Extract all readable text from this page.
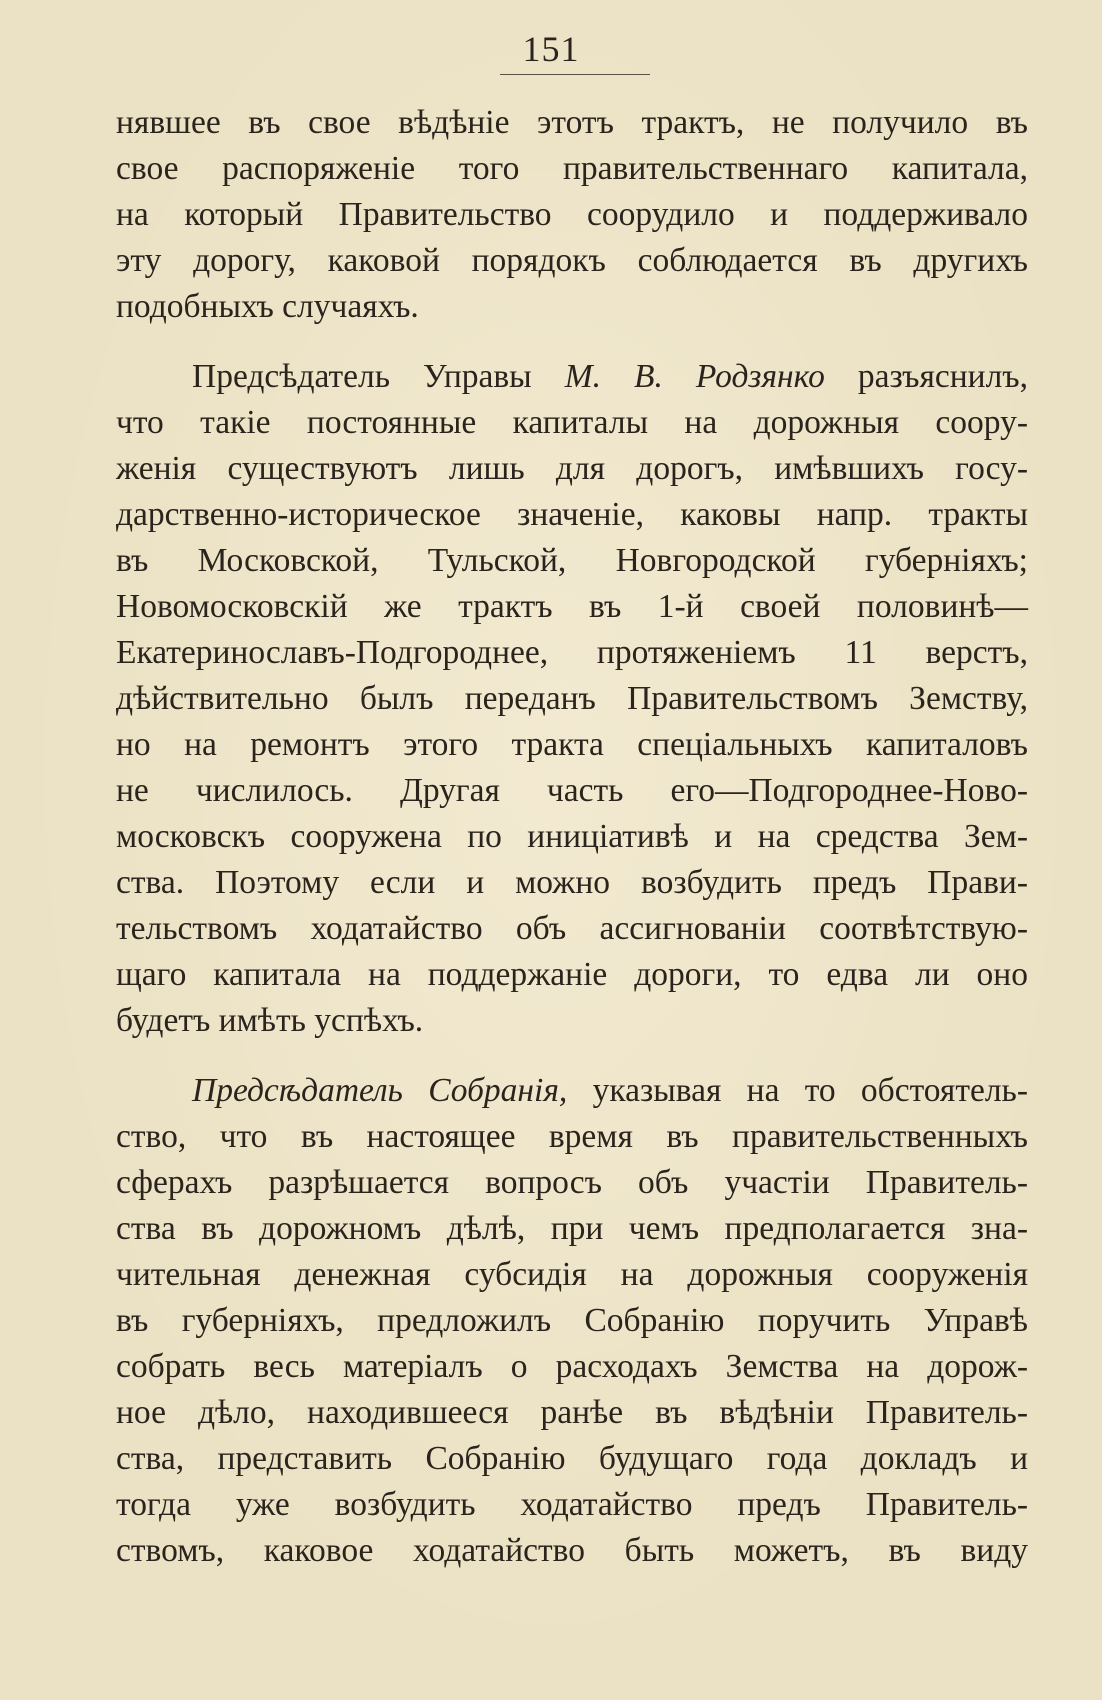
151
нявшее въ свое вѣдѣніе этотъ трактъ, не получило въ
свое распоряженіе того правительственнаго капитала,
на который Правительство соорудило и поддерживало
эту дорогу, каковой порядокъ соблюдается въ другихъ
подобныхъ случаяхъ.
Предсѣдатель Управы М. В. Родзянко разъяснилъ,
что такіе постоянные капиталы на дорожныя соору-
женія существуютъ лишь для дорогъ, имѣвшихъ госу-
дарственно-историческое значеніе, каковы напр. тракты
въ Московской, Тульской, Новгородской губерніяхъ;
Новомосковскій же трактъ въ 1-й своей половинѣ—
Екатеринославъ-Подгороднее, протяженіемъ 11 верстъ,
дѣйствительно былъ переданъ Правительствомъ Земству,
но на ремонтъ этого тракта спеціальныхъ капиталовъ
не числилось. Другая часть его—Подгороднее-Ново-
московскъ сооружена по иниціативѣ и на средства Зем-
ства. Поэтому если и можно возбудить предъ Прави-
тельствомъ ходатайство объ ассигнованіи соотвѣтствую-
щаго капитала на поддержаніе дороги, то едва ли оно
будетъ имѣть успѣхъ.
Предсѣдатель Собранія, указывая на то обстоятель-
ство, что въ настоящее время въ правительственныхъ
сферахъ разрѣшается вопросъ объ участіи Правитель-
ства въ дорожномъ дѣлѣ, при чемъ предполагается зна-
чительная денежная субсидія на дорожныя сооруженія
въ губерніяхъ, предложилъ Собранію поручить Управѣ
собрать весь матеріалъ о расходахъ Земства на дорож-
ное дѣло, находившееся ранѣе въ вѣдѣніи Правитель-
ства, представить Собранію будущаго года докладъ и
тогда уже возбудить ходатайство предъ Правитель-
ствомъ, каковое ходатайство быть можетъ, въ виду
